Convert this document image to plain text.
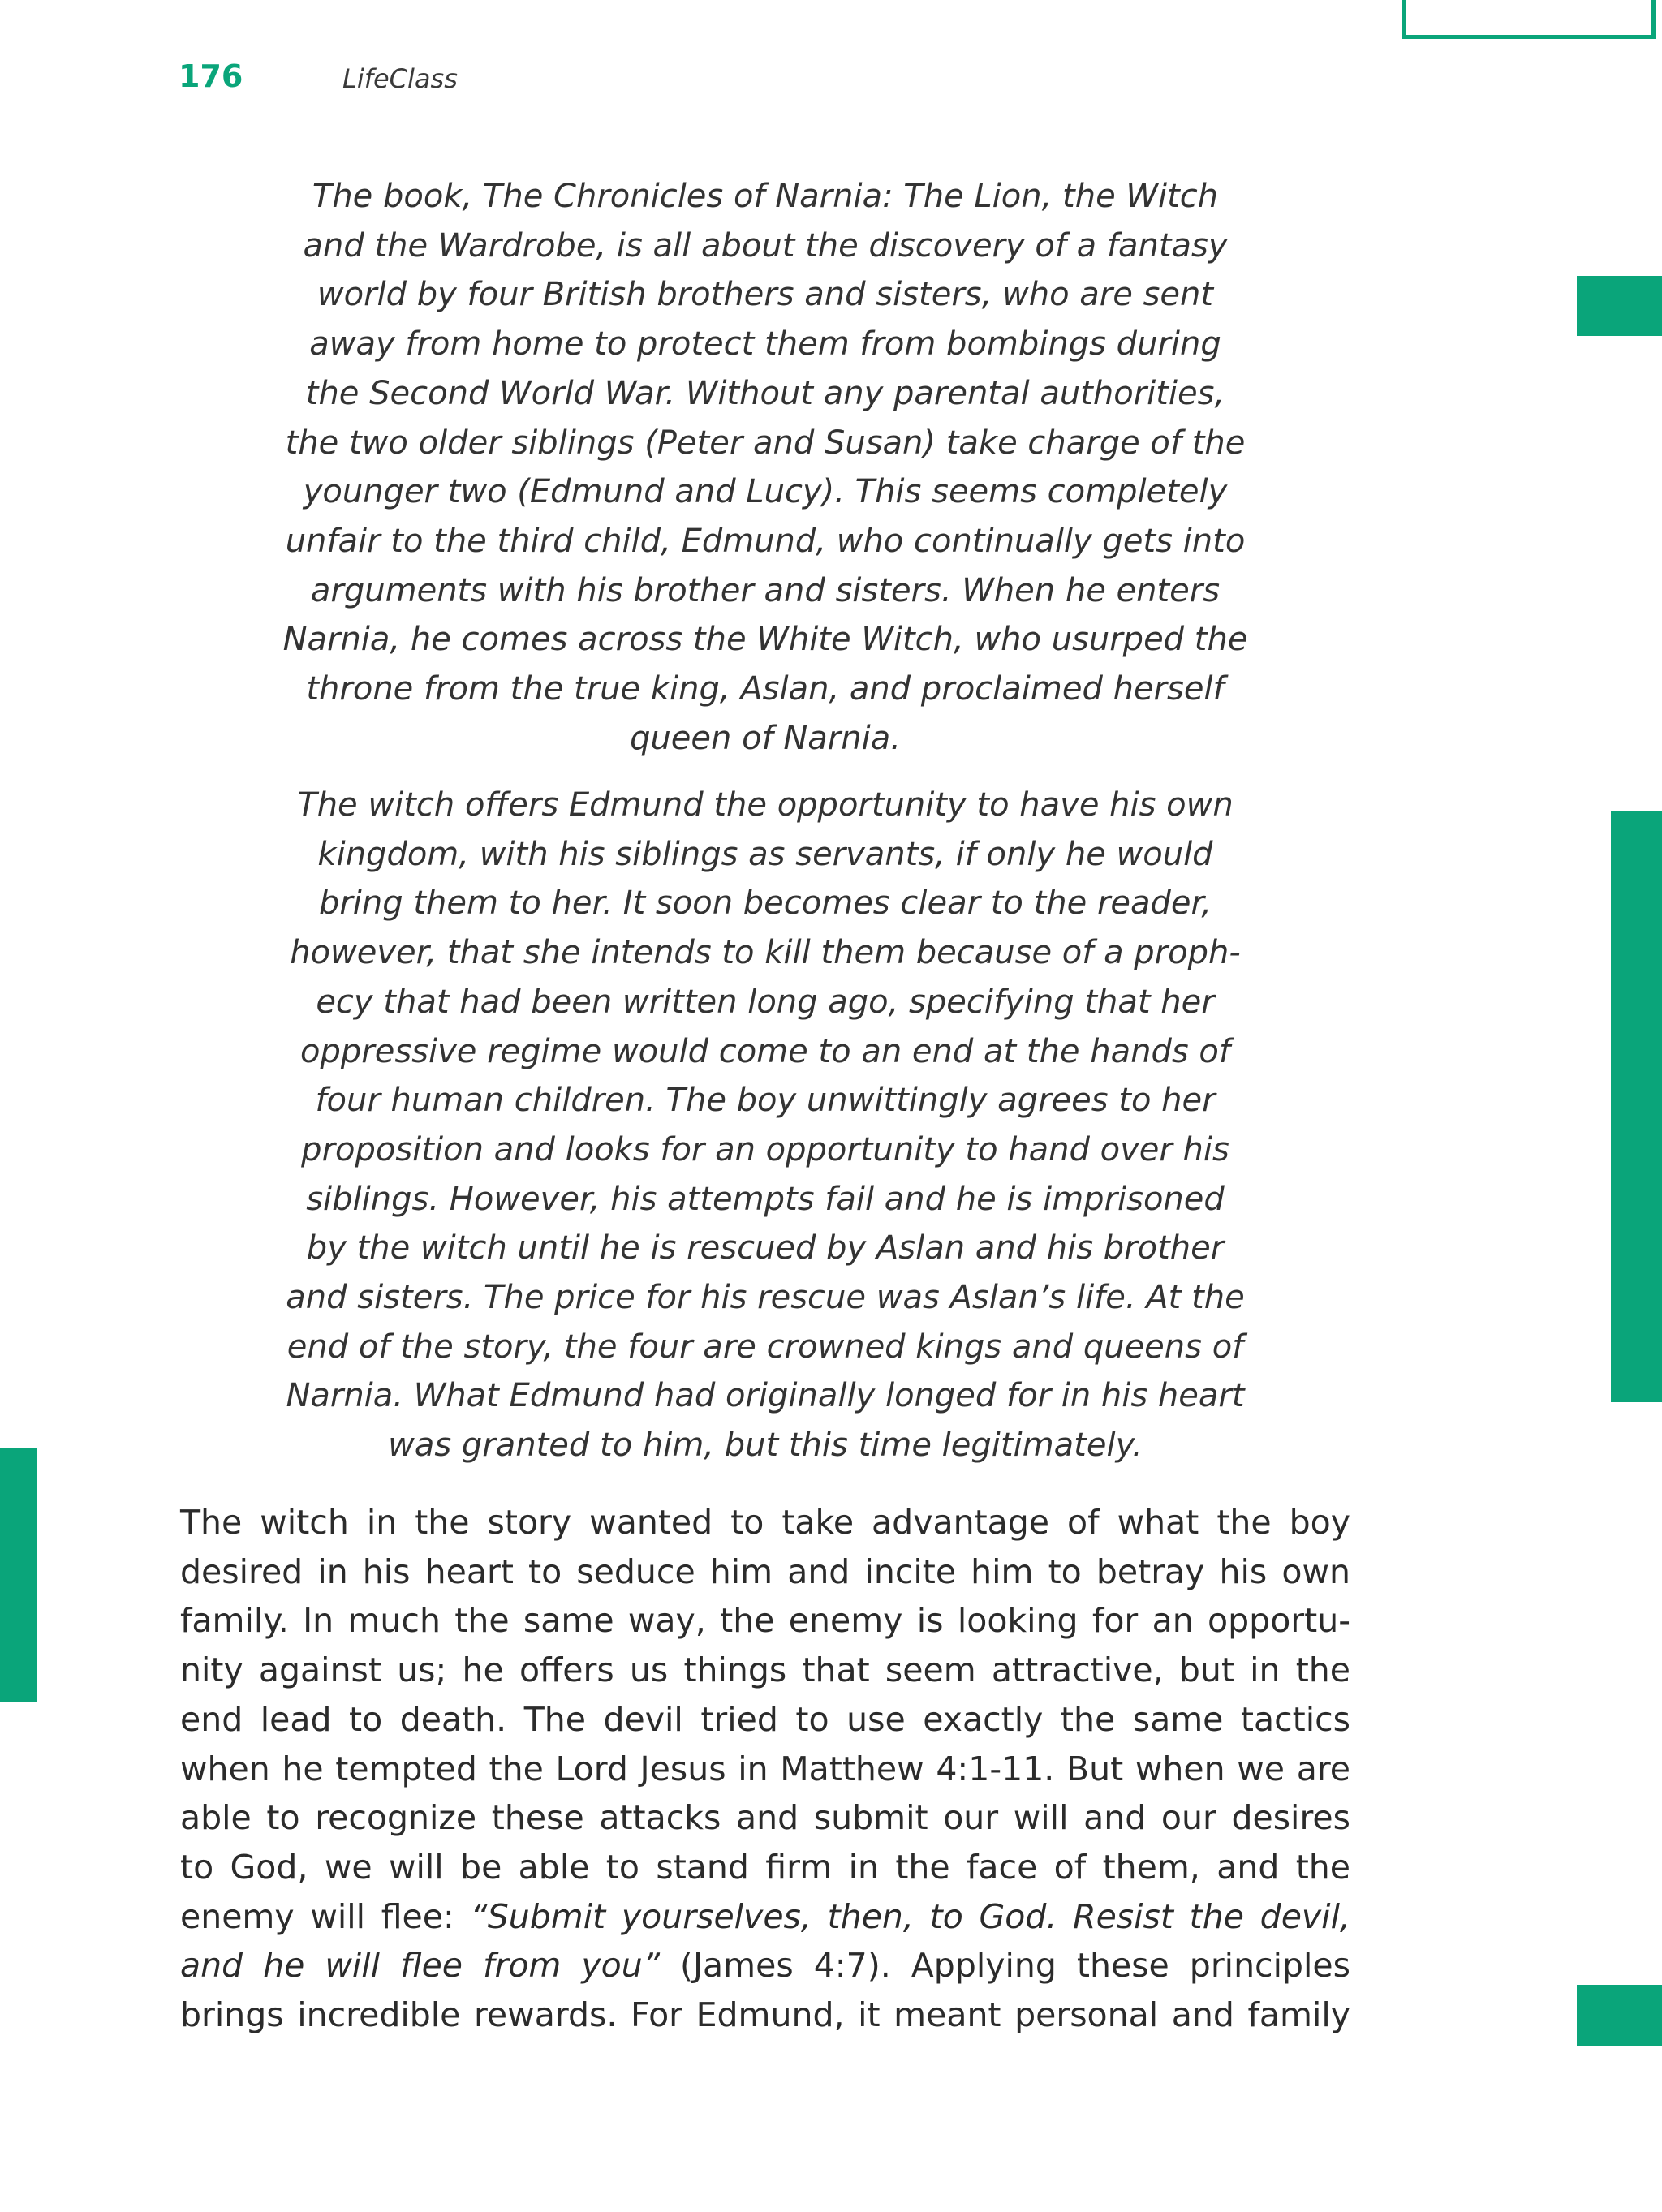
176	LifeClass
The book, The Chronicles of Narnia: The Lion, the Witch
and the Wardrobe, is all about the discovery of a fantasy
world by four British brothers and sisters, who are sent
away from home to protect them from bombings during
the Second World War. Without any parental authorities,
the two older siblings (Peter and Susan) take charge of the
younger two (Edmund and Lucy). This seems completely
unfair to the third child, Edmund, who continually gets into
arguments with his brother and sisters. When he enters
Narnia, he comes across the White Witch, who usurped the
throne from the true king, Aslan, and proclaimed herself
queen of Narnia.
The witch offers Edmund the opportunity to have his own
kingdom, with his siblings as servants, if only he would
bring them to her. It soon becomes clear to the reader,
however, that she intends to kill them because of a proph-
ecy that had been written long ago, specifying that her
oppressive regime would come to an end at the hands of
four human children. The boy unwittingly agrees to her
proposition and looks for an opportunity to hand over his
siblings. However, his attempts fail and he is imprisoned
by the witch until he is rescued by Aslan and his brother
and sisters. The price for his rescue was Aslan’s life. At the
end of the story, the four are crowned kings and queens of
Narnia. What Edmund had originally longed for in his heart
was granted to him, but this time legitimately.
The witch in the story wanted to take advantage of what the boy
desired in his heart to seduce him and incite him to betray his own
family. In much the same way, the enemy is looking for an opportu-
nity against us; he offers us things that seem attractive, but in the
end lead to death. The devil tried to use exactly the same tactics
when he tempted the Lord Jesus in Matthew 4:1-11. But when we are
able to recognize these attacks and submit our will and our desires
to God, we will be able to stand firm in the face of them, and the
enemy will flee: “Submit yourselves, then, to God. Resist the devil,
and he will flee from you” (James 4:7). Applying these principles
brings incredible rewards. For Edmund, it meant personal and family
